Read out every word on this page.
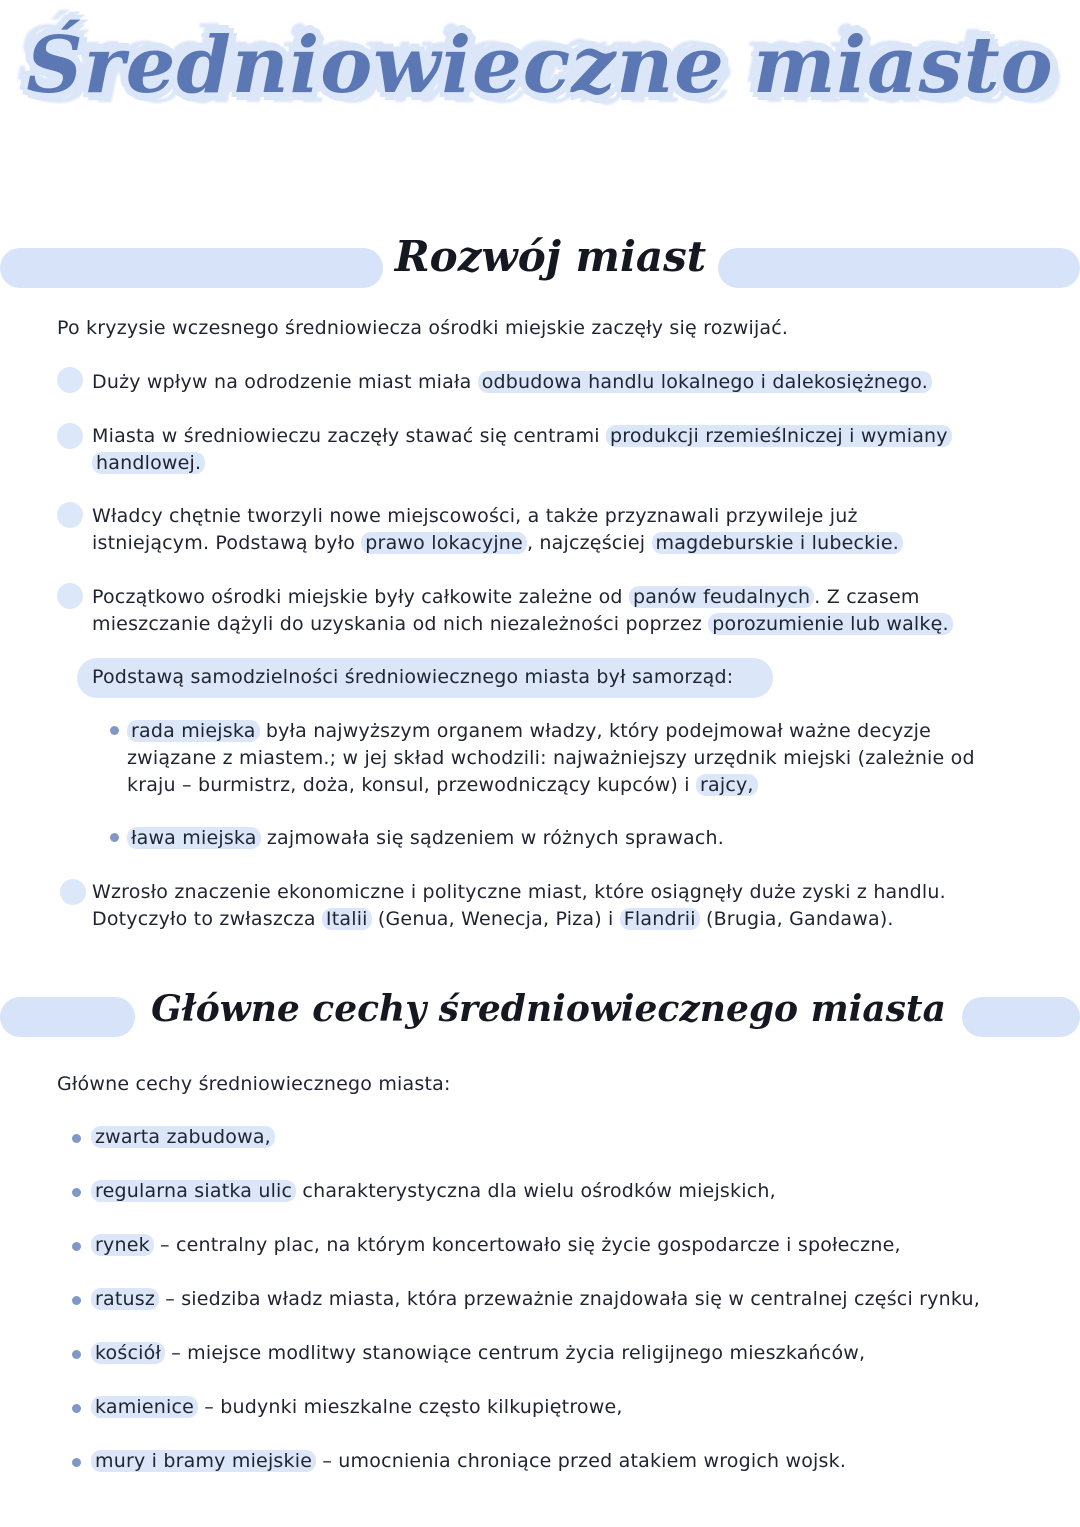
Średniowieczne miasto
Rozwój miast
Po kryzysie wczesnego średniowiecza ośrodki miejskie zaczęły się rozwijać.
Duży wpływ na odrodzenie miast miała odbudowa handlu lokalnego i dalekosiężnego.
Miasta w średniowieczu zaczęły stawać się centrami produkcji rzemieślniczej i wymiany
handlowej.
Władcy chętnie tworzyli nowe miejscowości, a także przyznawali przywileje już
istniejącym. Podstawą było prawo lokacyjne , najczęściej magdeburskie i lubeckie.
Początkowo ośrodki miejskie były całkowite zależne od panów feudalnych . Z czasem
mieszczanie dążyli do uzyskania od nich niezależności poprzez porozumienie lub walkę.
Podstawą samodzielności średniowiecznego miasta był samorząd:
rada miejska była najwyższym organem władzy, który podejmował ważne decyzje
związane z miastem.; w jej skład wchodzili: najważniejszy urzędnik miejski (zależnie od
kraju – burmistrz, doża, konsul, przewodniczący kupców) i rajcy,
ława miejska zajmowała się sądzeniem w różnych sprawach.
Wzrosło znaczenie ekonomiczne i polityczne miast, które osiągnęły duże zyski z handlu.
Dotyczyło to zwłaszcza Italii (Genua, Wenecja, Piza) i Flandrii (Brugia, Gandawa).
Główne cechy średniowiecznego miasta
Główne cechy średniowiecznego miasta:
zwarta zabudowa,
regularna siatka ulic charakterystyczna dla wielu ośrodków miejskich,
rynek – centralny plac, na którym koncertowało się życie gospodarcze i społeczne,
ratusz – siedziba władz miasta, która przeważnie znajdowała się w centralnej części rynku,
kościół – miejsce modlitwy stanowiące centrum życia religijnego mieszkańców,
kamienice – budynki mieszkalne często kilkupiętrowe,
mury i bramy miejskie – umocnienia chroniące przed atakiem wrogich wojsk.
